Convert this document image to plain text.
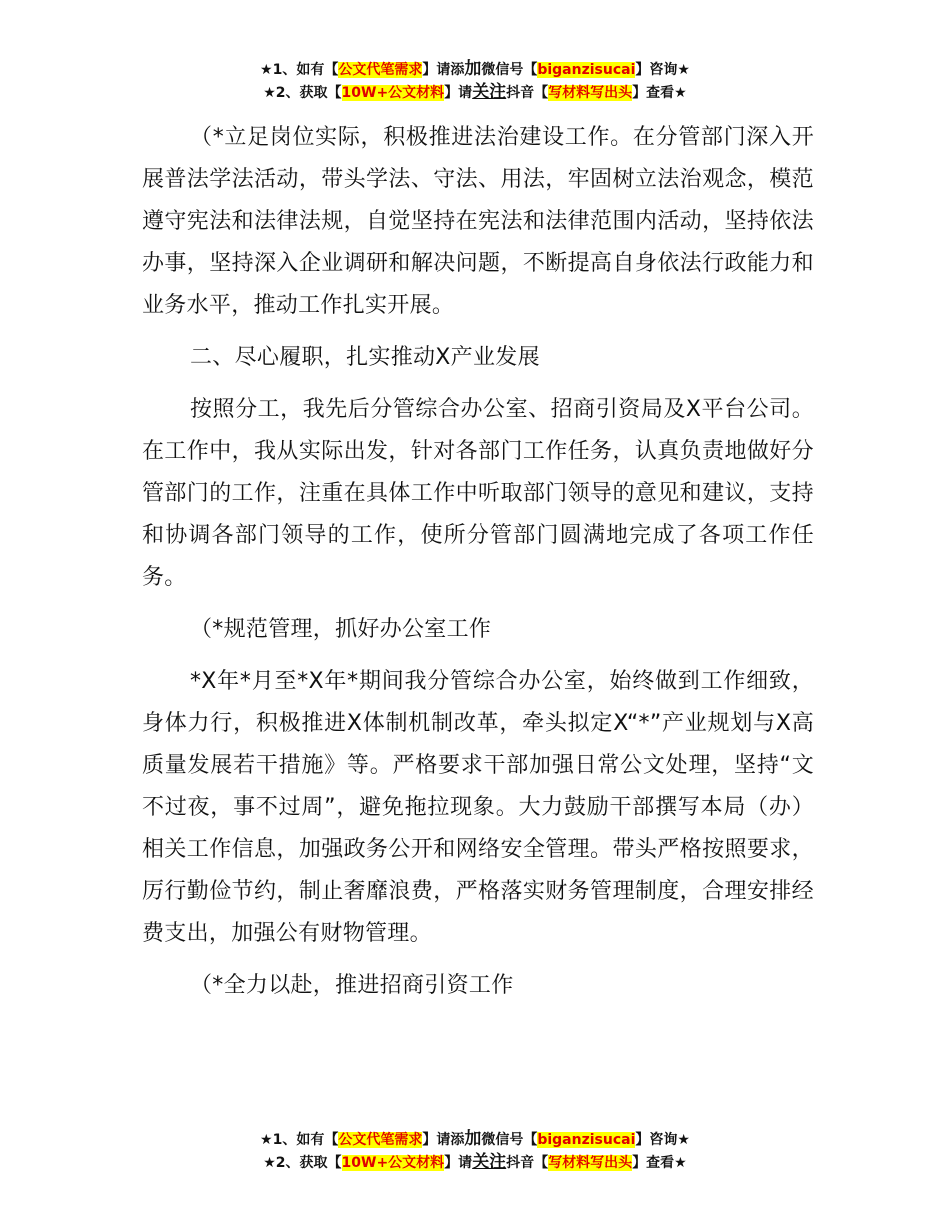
★1、如有【公文代笔需求】请添加微信号【biganzisucai】咨询★
★2、获取【10W+公文材料】请关注抖音【写材料写出头】查看★

（*立足岗位实际，积极推进法治建设工作。在分管部门深入开展普法学法活动，带头学法、守法、用法，牢固树立法治观念，模范遵守宪法和法律法规，自觉坚持在宪法和法律范围内活动，坚持依法办事，坚持深入企业调研和解决问题，不断提高自身依法行政能力和业务水平，推动工作扎实开展。

二、尽心履职，扎实推动X产业发展

按照分工，我先后分管综合办公室、招商引资局及X平台公司。在工作中，我从实际出发，针对各部门工作任务，认真负责地做好分管部门的工作，注重在具体工作中听取部门领导的意见和建议，支持和协调各部门领导的工作，使所分管部门圆满地完成了各项工作任务。

（*规范管理，抓好办公室工作

*X年*月至*X年*期间我分管综合办公室，始终做到工作细致，身体力行，积极推进X体制机制改革，牵头拟定X“*”产业规划与X高质量发展若干措施》等。严格要求干部加强日常公文处理，坚持“文不过夜，事不过周”，避免拖拉现象。大力鼓励干部撰写本局（办）相关工作信息，加强政务公开和网络安全管理。带头严格按照要求，厉行勤俭节约，制止奢靡浪费，严格落实财务管理制度，合理安排经费支出，加强公有财物管理。

（*全力以赴，推进招商引资工作

★1、如有【公文代笔需求】请添加微信号【biganzisucai】咨询★
★2、获取【10W+公文材料】请关注抖音【写材料写出头】查看★
